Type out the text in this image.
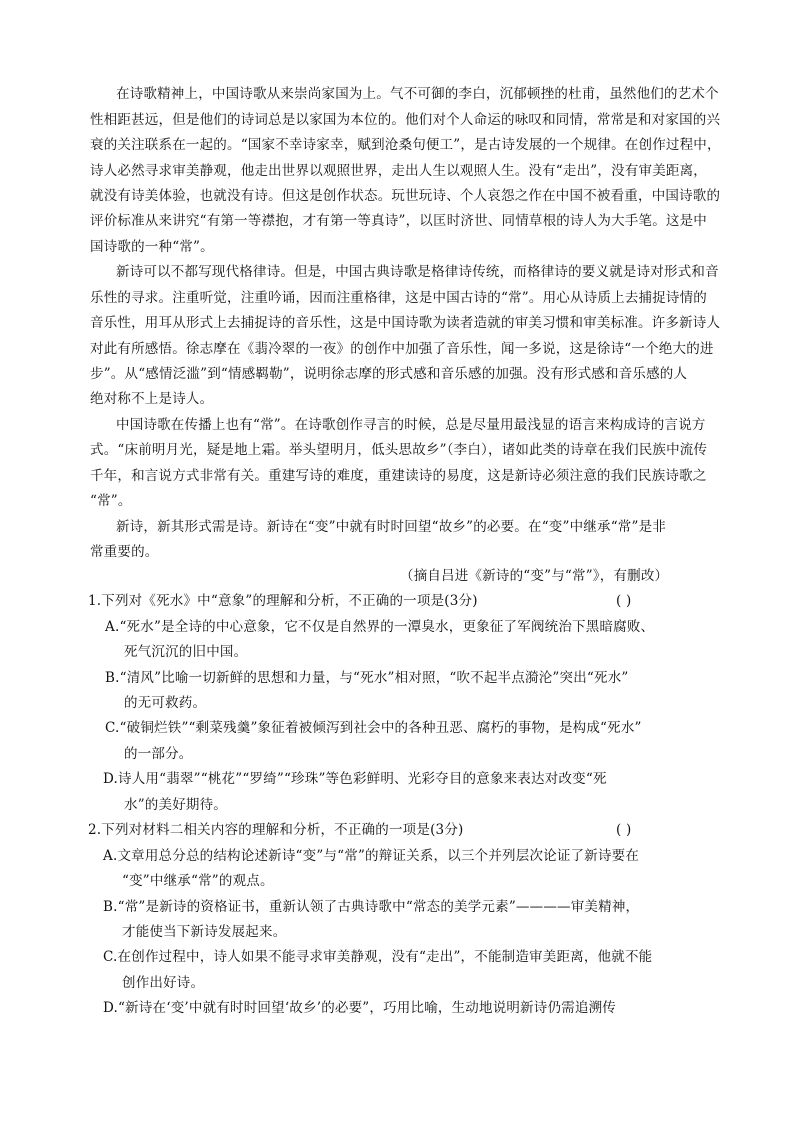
在诗歌精神上，中国诗歌从来崇尚家国为上。气不可御的李白，沉郁顿挫的杜甫，虽然他们的艺术个
性相距甚远，但是他们的诗词总是以家国为本位的。他们对个人命运的咏叹和同情，常常是和对家国的兴
衰的关注联系在一起的。“国家不幸诗家幸，赋到沧桑句便工”，是古诗发展的一个规律。在创作过程中，
诗人必然寻求审美静观，他走出世界以观照世界，走出人生以观照人生。没有“走出”，没有审美距离，
就没有诗美体验，也就没有诗。但这是创作状态。玩世玩诗、个人哀怨之作在中国不被看重，中国诗歌的
评价标准从来讲究“有第一等襟抱，才有第一等真诗”，以匡时济世、同情草根的诗人为大手笔。这是中
国诗歌的一种“常”。
新诗可以不都写现代格律诗。但是，中国古典诗歌是格律诗传统，而格律诗的要义就是诗对形式和音
乐性的寻求。注重听觉，注重吟诵，因而注重格律，这是中国古诗的“常”。用心从诗质上去捕捉诗情的
音乐性，用耳从形式上去捕捉诗的音乐性，这是中国诗歌为读者造就的审美习惯和审美标准。许多新诗人
对此有所感悟。徐志摩在《翡冷翠的一夜》的创作中加强了音乐性，闻一多说，这是徐诗“一个绝大的进
步”。从“感情泛滥”到“情感羁勒”，说明徐志摩的形式感和音乐感的加强。没有形式感和音乐感的人
绝对称不上是诗人。
中国诗歌在传播上也有“常”。在诗歌创作寻言的时候，总是尽量用最浅显的语言来构成诗的言说方
式。“床前明月光，疑是地上霜。举头望明月，低头思故乡”（李白），诸如此类的诗章在我们民族中流传
千年，和言说方式非常有关。重建写诗的难度，重建读诗的易度，这是新诗必须注意的我们民族诗歌之
“常”。
新诗，新其形式需是诗。新诗在“变”中就有时时回望“故乡”的必要。在“变”中继承“常”是非
常重要的。
（摘自吕进《新诗的“变”与“常”》，有删改）
1.下列对《死水》中“意象”的理解和分析，不正确的一项是(3分)	( )
A.“死水”是全诗的中心意象，它不仅是自然界的一潭臭水，更象征了军阀统治下黑暗腐败、
死气沉沉的旧中国。
B.“清风”比喻一切新鲜的思想和力量，与“死水”相对照，“吹不起半点漪沦”突出“死水”
的无可救药。
C.“破铜烂铁”“剩菜残羹”象征着被倾泻到社会中的各种丑恶、腐朽的事物，是构成“死水”
的一部分。
D.诗人用“翡翠”“桃花”“罗绮”“珍珠”等色彩鲜明、光彩夺目的意象来表达对改变“死
水”的美好期待。
2.下列对材料二相关内容的理解和分析，不正确的一项是(3分)	( )
A.文章用总分总的结构论述新诗“变”与“常”的辩证关系，以三个并列层次论证了新诗要在
“变”中继承“常”的观点。
B.“常”是新诗的资格证书，重新认领了古典诗歌中“常态的美学元素”————审美精神，
才能使当下新诗发展起来。
C.在创作过程中，诗人如果不能寻求审美静观，没有“走出”，不能制造审美距离，他就不能
创作出好诗。
D.“新诗在‘变’中就有时时回望‘故乡’的必要”，巧用比喻，生动地说明新诗仍需追溯传
